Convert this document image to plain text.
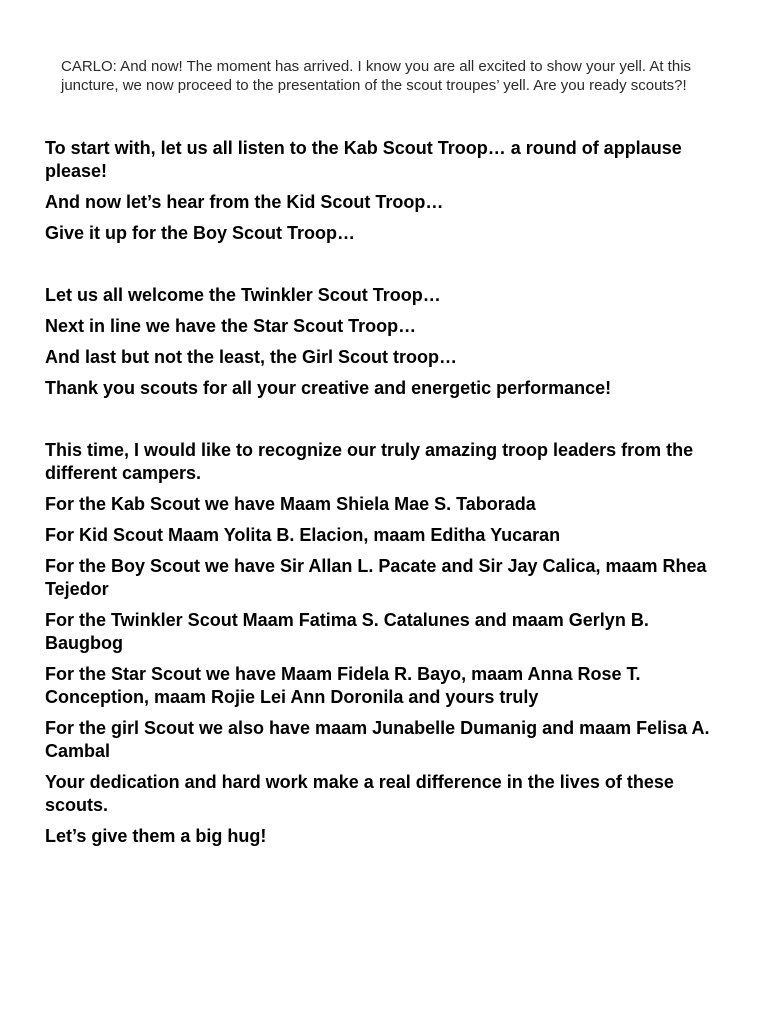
CARLO: And now! The moment has arrived. I know you are all excited to show your yell. At this juncture, we now proceed to the presentation of the scout troupes’ yell. Are you ready scouts?!

To start with, let us all listen to the Kab Scout Troop… a round of applause please!

And now let’s hear from the Kid Scout Troop…

Give it up for the Boy Scout Troop…

Let us all welcome the Twinkler Scout Troop…

Next in line we have the Star Scout Troop…

And last but not the least, the Girl Scout troop…

Thank you scouts for all your creative and energetic performance!

This time, I would like to recognize our truly amazing troop leaders from the different campers.

For the Kab Scout we have Maam Shiela Mae S. Taborada

For Kid Scout Maam Yolita B. Elacion, maam Editha Yucaran

For the Boy Scout we have Sir Allan L. Pacate and Sir Jay Calica, maam Rhea Tejedor

For the Twinkler Scout Maam Fatima S. Catalunes and maam Gerlyn B. Baugbog

For the Star Scout we have Maam Fidela R. Bayo, maam Anna Rose T. Conception, maam Rojie Lei Ann Doronila and yours truly

For the girl Scout we also have maam Junabelle Dumanig and maam Felisa A. Cambal

Your dedication and hard work make a real difference in the lives of these scouts.

Let’s give them a big hug!
